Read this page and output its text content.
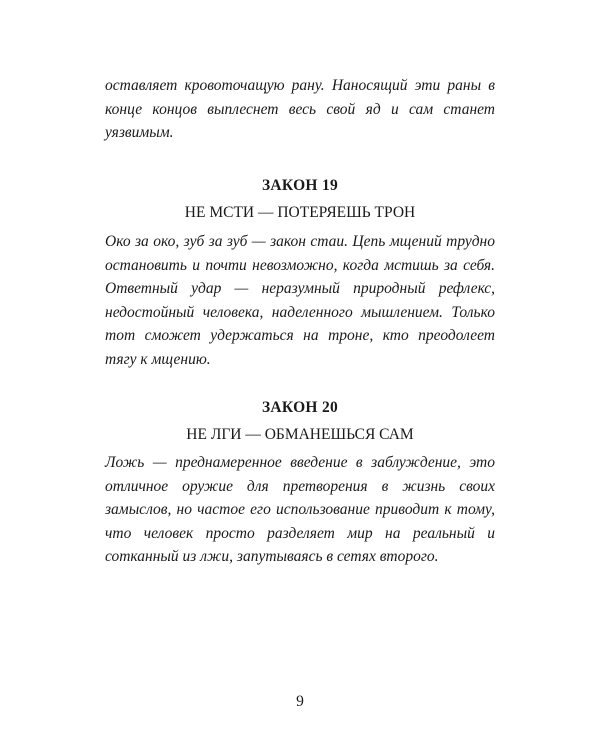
оставляет кровоточащую рану. Наносящий эти раны в конце концов выплеснет весь свой яд и сам станет уязвимым.

ЗАКОН 19

НЕ МСТИ — ПОТЕРЯЕШЬ ТРОН

Око за око, зуб за зуб — закон стаи. Цепь мщений трудно остановить и почти невозможно, когда мстишь за себя. Ответный удар — неразумный природный рефлекс, недостойный человека, наделенного мышлением. Только тот сможет удержаться на троне, кто преодолеет тягу к мщению.

ЗАКОН 20

НЕ ЛГИ — ОБМАНЕШЬСЯ САМ

Ложь — преднамеренное введение в заблуждение, это отличное оружие для претворения в жизнь своих замыслов, но частое его использование приводит к тому, что человек просто разделяет мир на реальный и сотканный из лжи, запутываясь в сетях второго.

9
